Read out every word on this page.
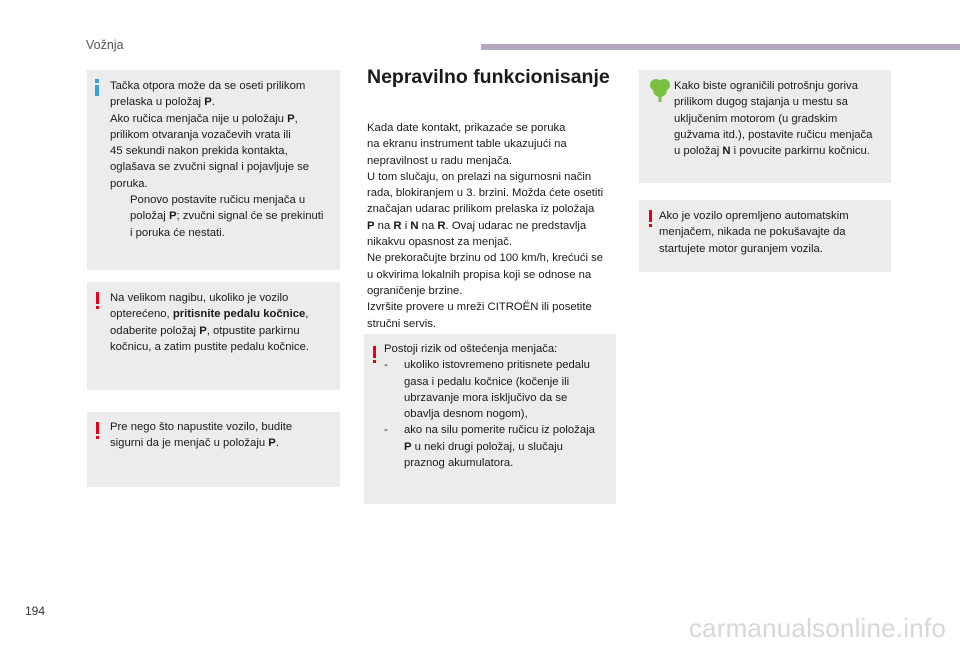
Vožnja

Tačka otpora može da se oseti prilikom

prelaska u položaj P.

Ako ručica menjača nije u položaju P,

prilikom otvaranja vozačevih vrata ili

45 sekundi nakon prekida kontakta,

oglašava se zvučni signal i pojavljuje se

poruka.

Ponovo postavite ručicu menjača u

položaj P; zvučni signal će se prekinuti

i poruka će nestati.

Na velikom nagibu, ukoliko je vozilo

opterećeno, pritisnite pedalu kočnice,

odaberite položaj P, otpustite parkirnu

kočnicu, a zatim pustite pedalu kočnice.

Pre nego što napustite vozilo, budite

sigurni da je menjač u položaju P.

Nepravilno funkcionisanje

Kada date kontakt, prikazaće se poruka

na ekranu instrument table ukazujući na

nepravilnost u radu menjača.

U tom slučaju, on prelazi na sigurnosni način

rada, blokiranjem u 3. brzini. Možda ćete osetiti

značajan udarac prilikom prelaska iz položaja

P na R i N na R. Ovaj udarac ne predstavlja

nikakvu opasnost za menjač.

Ne prekoračujte brzinu od 100 km/h, krećući se

u okvirima lokalnih propisa koji se odnose na

ograničenje brzine.

Izvršite provere u mreži CITROËN ili posetite

stručni servis.

Postoji rizik od oštećenja menjača:

-	ukoliko istovremeno pritisnete pedalu

gasa i pedalu kočnice (kočenje ili

ubrzavanje mora isključivo da se

obavlja desnom nogom),

-	ako na silu pomerite ručicu iz položaja

P u neki drugi položaj, u slučaju

praznog akumulatora.

Kako biste ograničili potrošnju goriva

prilikom dugog stajanja u mestu sa

uključenim motorom (u gradskim

gužvama itd.), postavite ručicu menjača

u položaj N i povucite parkirnu kočnicu.

Ako je vozilo opremljeno automatskim

menjačem, nikada ne pokušavajte da

startujete motor guranjem vozila.

194
carmanualsonline.info
